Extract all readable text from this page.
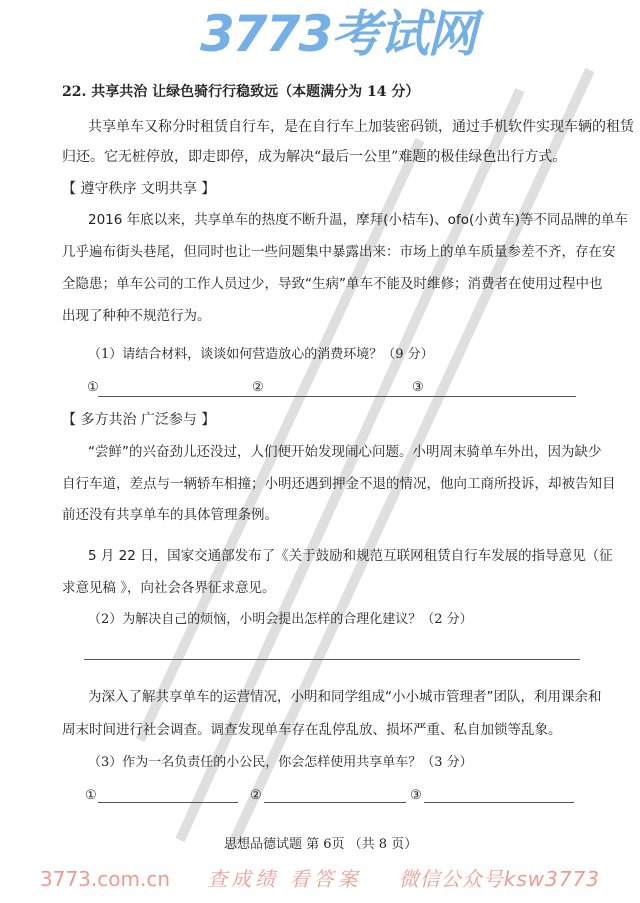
3773考试网
22. 共享共治 让绿色骑行行稳致远（本题满分为 14 分）
共享单车又称分时租赁自行车，是在自行车上加装密码锁，通过手机软件实现车辆的租赁
归还。它无桩停放，即走即停，成为解决“最后一公里”难题的极佳绿色出行方式。
【 遵守秩序 文明共享 】
2016 年底以来，共享单车的热度不断升温，摩拜(小桔车)、ofo(小黄车)等不同品牌的单车
几乎遍布街头巷尾，但同时也让一些问题集中暴露出来：市场上的单车质量参差不齐，存在安
全隐患；单车公司的工作人员过少，导致“生病”单车不能及时维修；消费者在使用过程中也
出现了种种不规范行为。
（1）请结合材料，谈谈如何营造放心的消费环境？（9 分）
①	②	③
【 多方共治 广泛参与 】
“尝鲜”的兴奋劲儿还没过，人们便开始发现闹心问题。小明周末骑单车外出，因为缺少
自行车道，差点与一辆轿车相撞；小明还遇到押金不退的情况，他向工商所投诉，却被告知目
前还没有共享单车的具体管理条例。
5 月 22 日，国家交通部发布了《关于鼓励和规范互联网租赁自行车发展的指导意见（征
求意见稿 》，向社会各界征求意见。
（2）为解决自己的烦恼，小明会提出怎样的合理化建议？（2 分）
为深入了解共享单车的运营情况，小明和同学组成“小小城市管理者”团队，利用课余和
周末时间进行社会调查。调查发现单车存在乱停乱放、损坏严重、私自加锁等乱象。
（3）作为一名负责任的小公民，你会怎样使用共享单车？（3 分）
①	②	③
思想品德试题 第 6页 （共 8 页）
3773.com.cn 查成绩 看答案 微信公众号ksw3773
